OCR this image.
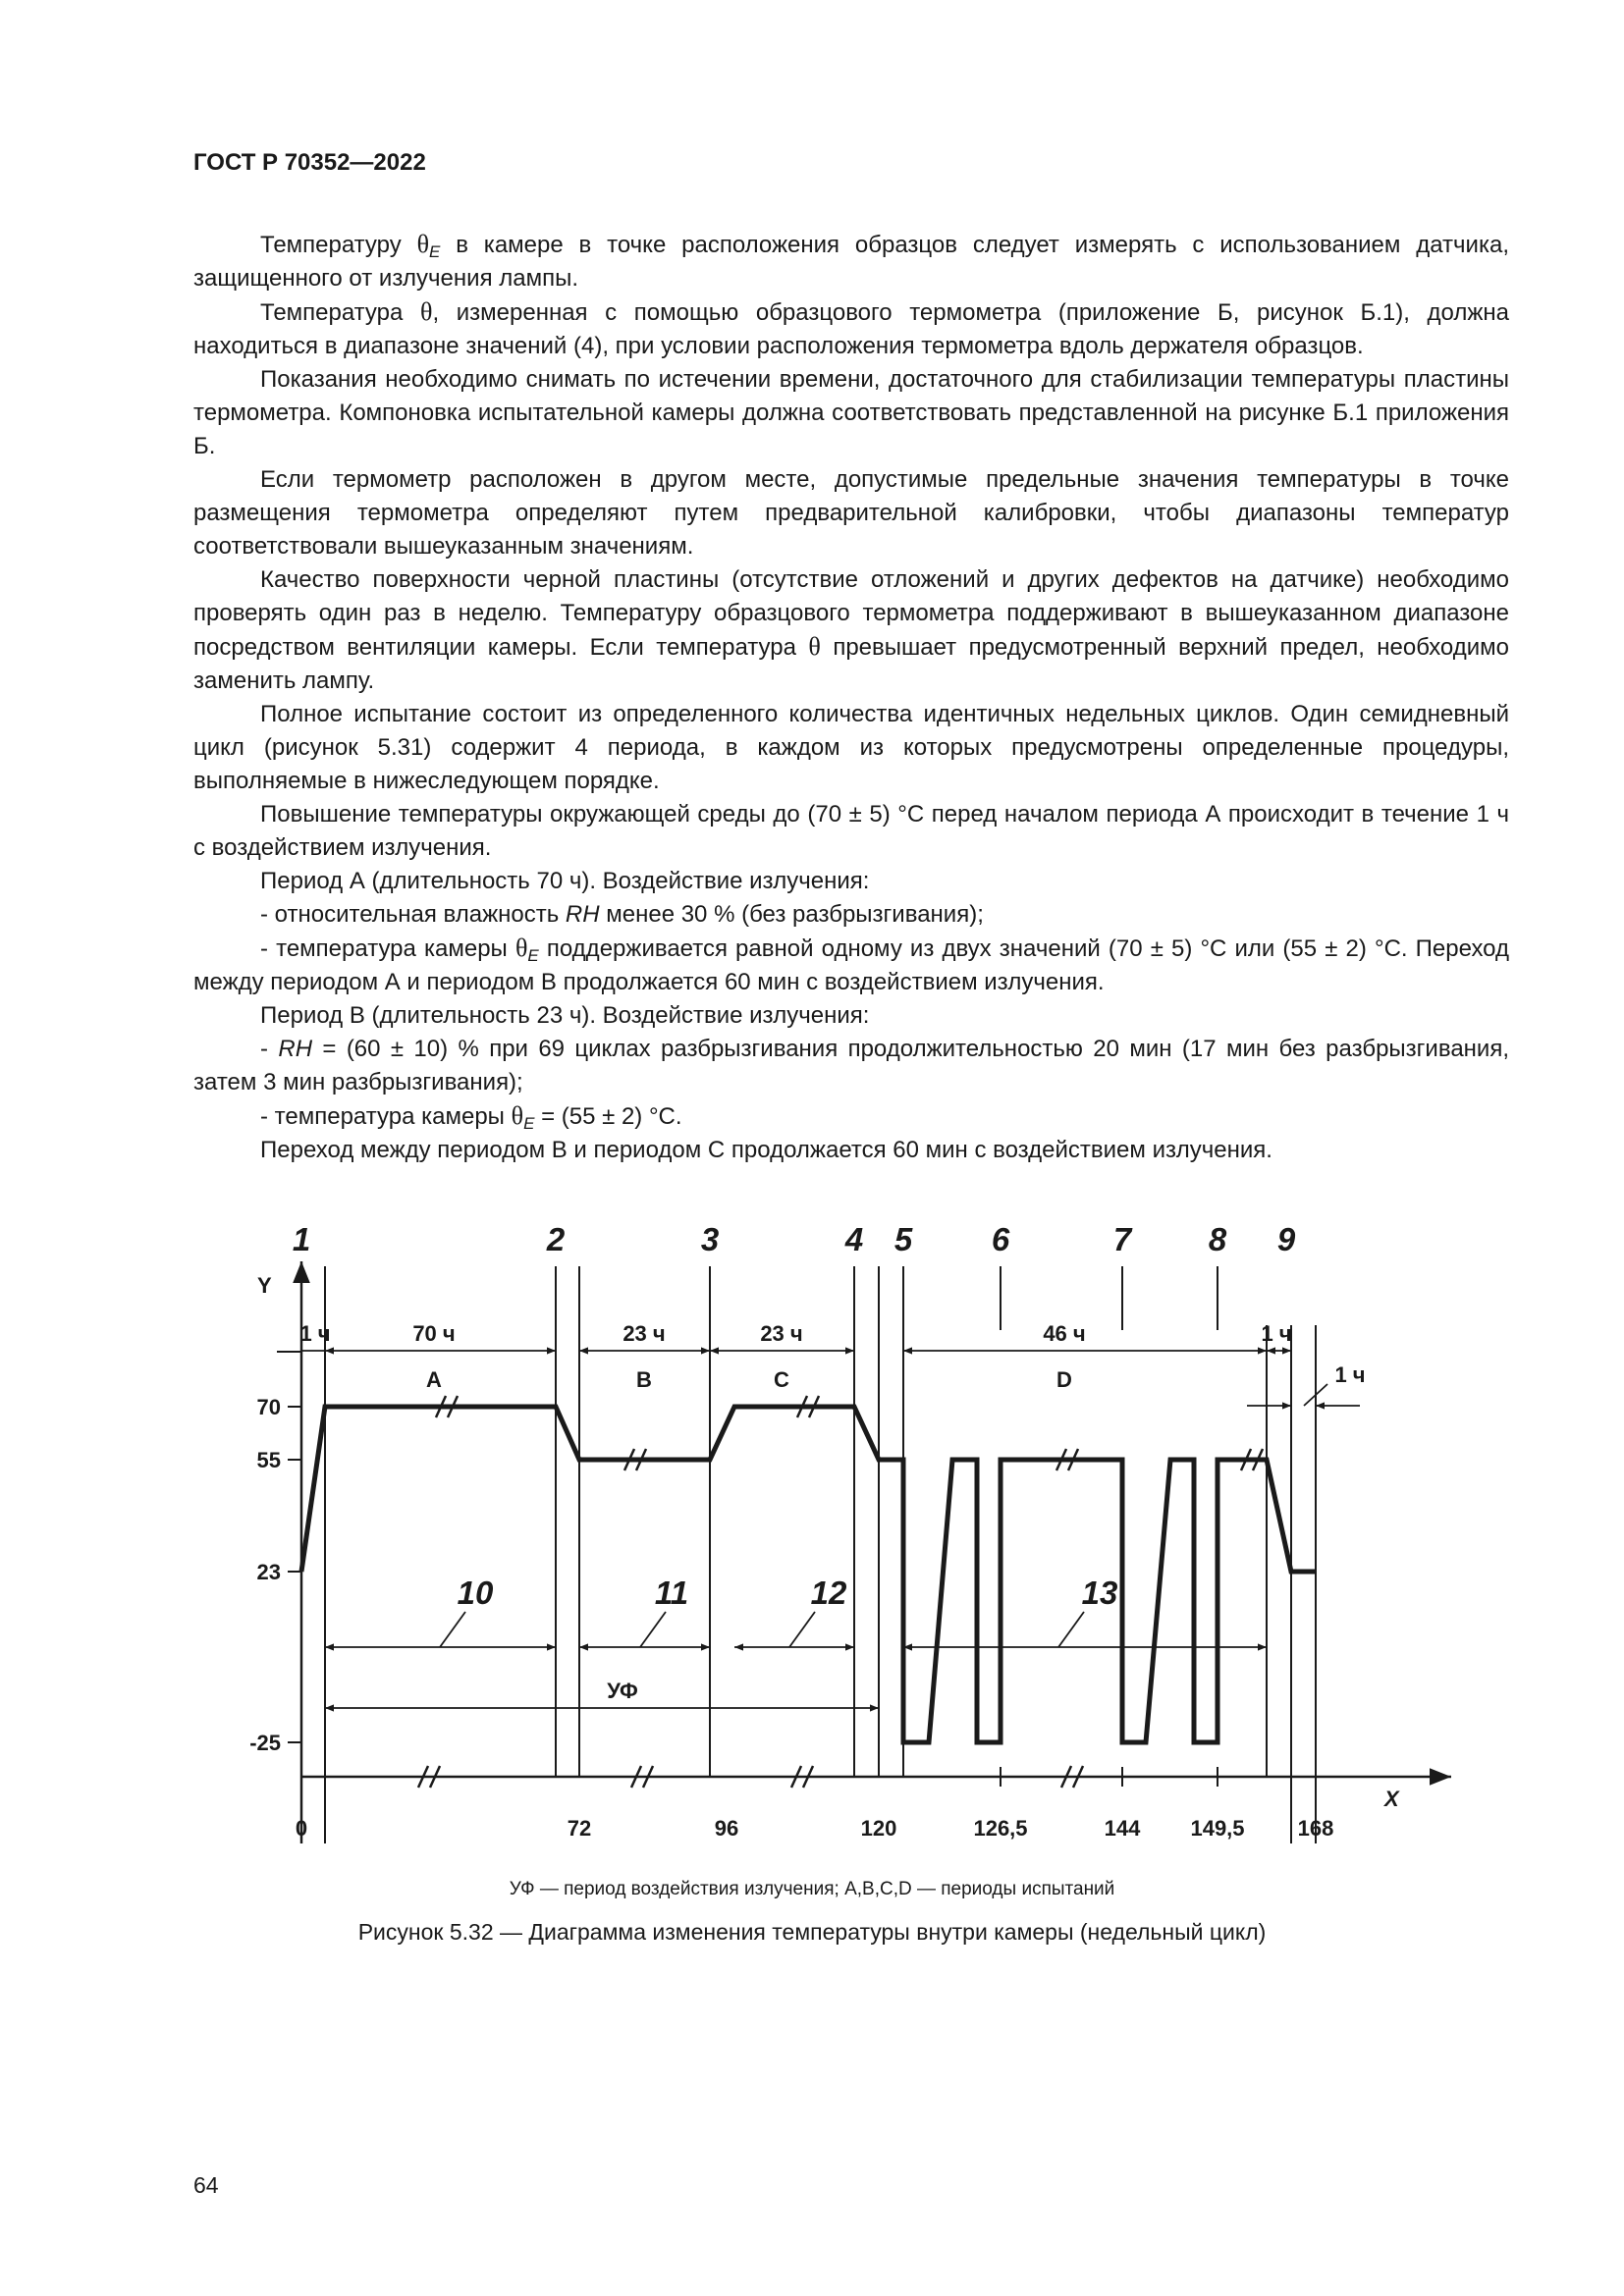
ГОСТ Р 70352—2022

Температуру $\theta_E$ в камере в точке расположения образцов следует измерять с использованием датчика, защищенного от излучения лампы.

Температура θ, измеренная с помощью образцового термометра (приложение Б, рисунок Б.1), должна находиться в диапазоне значений (4), при условии расположения термометра вдоль держателя образцов.

Показания необходимо снимать по истечении времени, достаточного для стабилизации температуры пластины термометра. Компоновка испытательной камеры должна соответствовать представленной на рисунке Б.1 приложения Б.

Если термометр расположен в другом месте, допустимые предельные значения температуры в точке размещения термометра определяют путем предварительной калибровки, чтобы диапазоны температур соответствовали вышеуказанным значениям.

Качество поверхности черной пластины (отсутствие отложений и других дефектов на датчике) необходимо проверять один раз в неделю. Температуру образцового термометра поддерживают в вышеуказанном диапазоне посредством вентиляции камеры. Если температура θ превышает предусмотренный верхний предел, необходимо заменить лампу.

Полное испытание состоит из определенного количества идентичных недельных циклов. Один семидневный цикл (рисунок 5.31) содержит 4 периода, в каждом из которых предусмотрены определенные процедуры, выполняемые в нижеследующем порядке.

Повышение температуры окружающей среды до (70 ± 5) °С перед началом периода А происходит в течение 1 ч с воздействием излучения.

Период А (длительность 70 ч). Воздействие излучения:

- относительная влажность RH менее 30 % (без разбрызгивания);

- температура камеры $\theta_E$ поддерживается равной одному из двух значений (70 ± 5) °С или (55 ± 2) °С. Переход между периодом А и периодом В продолжается 60 мин с воздействием излучения.

Период В (длительность 23 ч). Воздействие излучения:

- RH = (60 ± 10) % при 69 циклах разбрызгивания продолжительностью 20 мин (17 мин без разбрызгивания, затем 3 мин разбрызгивания);

- температура камеры $\theta_E = (55 \pm 2)$ °С.

Переход между периодом В и периодом С продолжается 60 мин с воздействием излучения.

Y
X
70
55
23
-25
0	72	96	120	126,5	144 149,5 168
1	2	3	4 5 6	7 8 9
1 ч	70 ч	23 ч	23 ч	46 ч	1 ч
1 ч
A	B	C	D
10	11	12	13
УФ
УФ — период воздействия излучения; A,B,C,D — периоды испытаний
Рисунок 5.32 — Диаграмма изменения температуры внутри камеры (недельный цикл)
64
